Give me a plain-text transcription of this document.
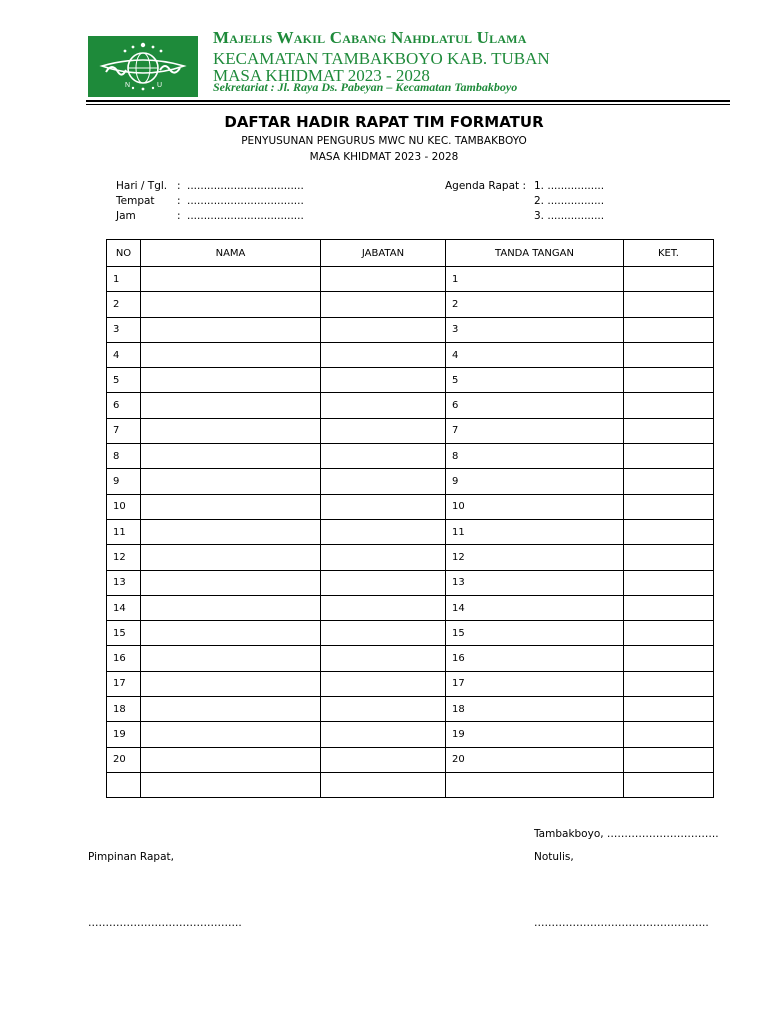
N	U
Majelis Wakil Cabang Nahdlatul Ulama
KECAMATAN TAMBAKBOYO KAB. TUBAN
MASA KHIDMAT 2023 - 2028
Sekretariat : Jl. Raya Ds. Pabeyan – Kecamatan Tambakboyo
DAFTAR HADIR RAPAT TIM FORMATUR
PENYUSUNAN PENGURUS MWC NU KEC. TAMBAKBOYO
MASA KHIDMAT 2023 - 2028
Hari / Tgl. : ...................................
Tempat : ...................................
Jam	: ...................................
Agenda Rapat : 1. .................
2. .................
3. .................
NO	NAMA	JABATAN	TANDA TANGAN	KET.
1			1	
2			2	
3			3	
4			4	
5			5	
6			6	
7			7	
8			8	
9			9	
10			10	
11			11	
12			12	
13			13	
14			14	
15			15	
16			16	
17			17	
18			18	
19			19	
20			20	

Tambakboyo, …………………………..
Pimpinan Rapat,	Notulis,
……………………………………..	…………………………………………..
